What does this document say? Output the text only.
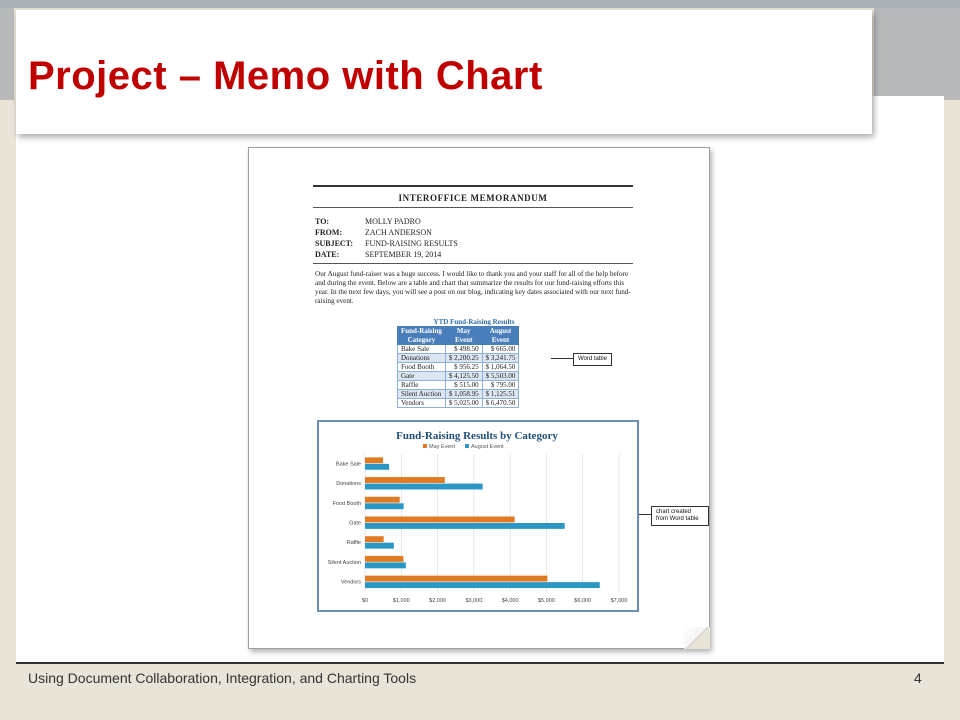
Project – Memo with Chart
INTEROFFICE MEMORANDUM
TO:	MOLLY PADRO
FROM:	ZACH ANDERSON
SUBJECT: FUND-RAISING RESULTS
DATE:	SEPTEMBER 19, 2014

Our August fund-raiser was a huge success. I would like to thank you and your staff for all of the help before and during the event. Below are a table and chart that summarize the results for our fund-raising efforts this year. In the next few days, you will see a post on our blog, indicating key dates associated with our next fund-raising event.

YTD Fund-Raising Results
Fund-Raising	May	August
Category	Event	Event
Bake Sale	$ 498.50	$ 665.00
Donations	$ 2,200.25	$ 3,241.75
Food Booth	$ 956.25	$ 1,064.50
Gate	$ 4,125.50	$ 5,503.00
Raffle	$ 515.00	$ 795.00
Silent Auction	$ 1,058.95	$ 1,125.51
Vendors	$ 5,025.00	$ 6,470.50
Word table
chart created from Word table
Fund-Raising Results by Category
May Event	August Event
$0	$1,000	$2,000	$3,000	$4,000	$5,000	$6,000	$7,000
Bake Sale
Donations
Food Booth
Gate
Raffle
Silent Auction
Vendors
Using Document Collaboration, Integration, and Charting Tools	4
